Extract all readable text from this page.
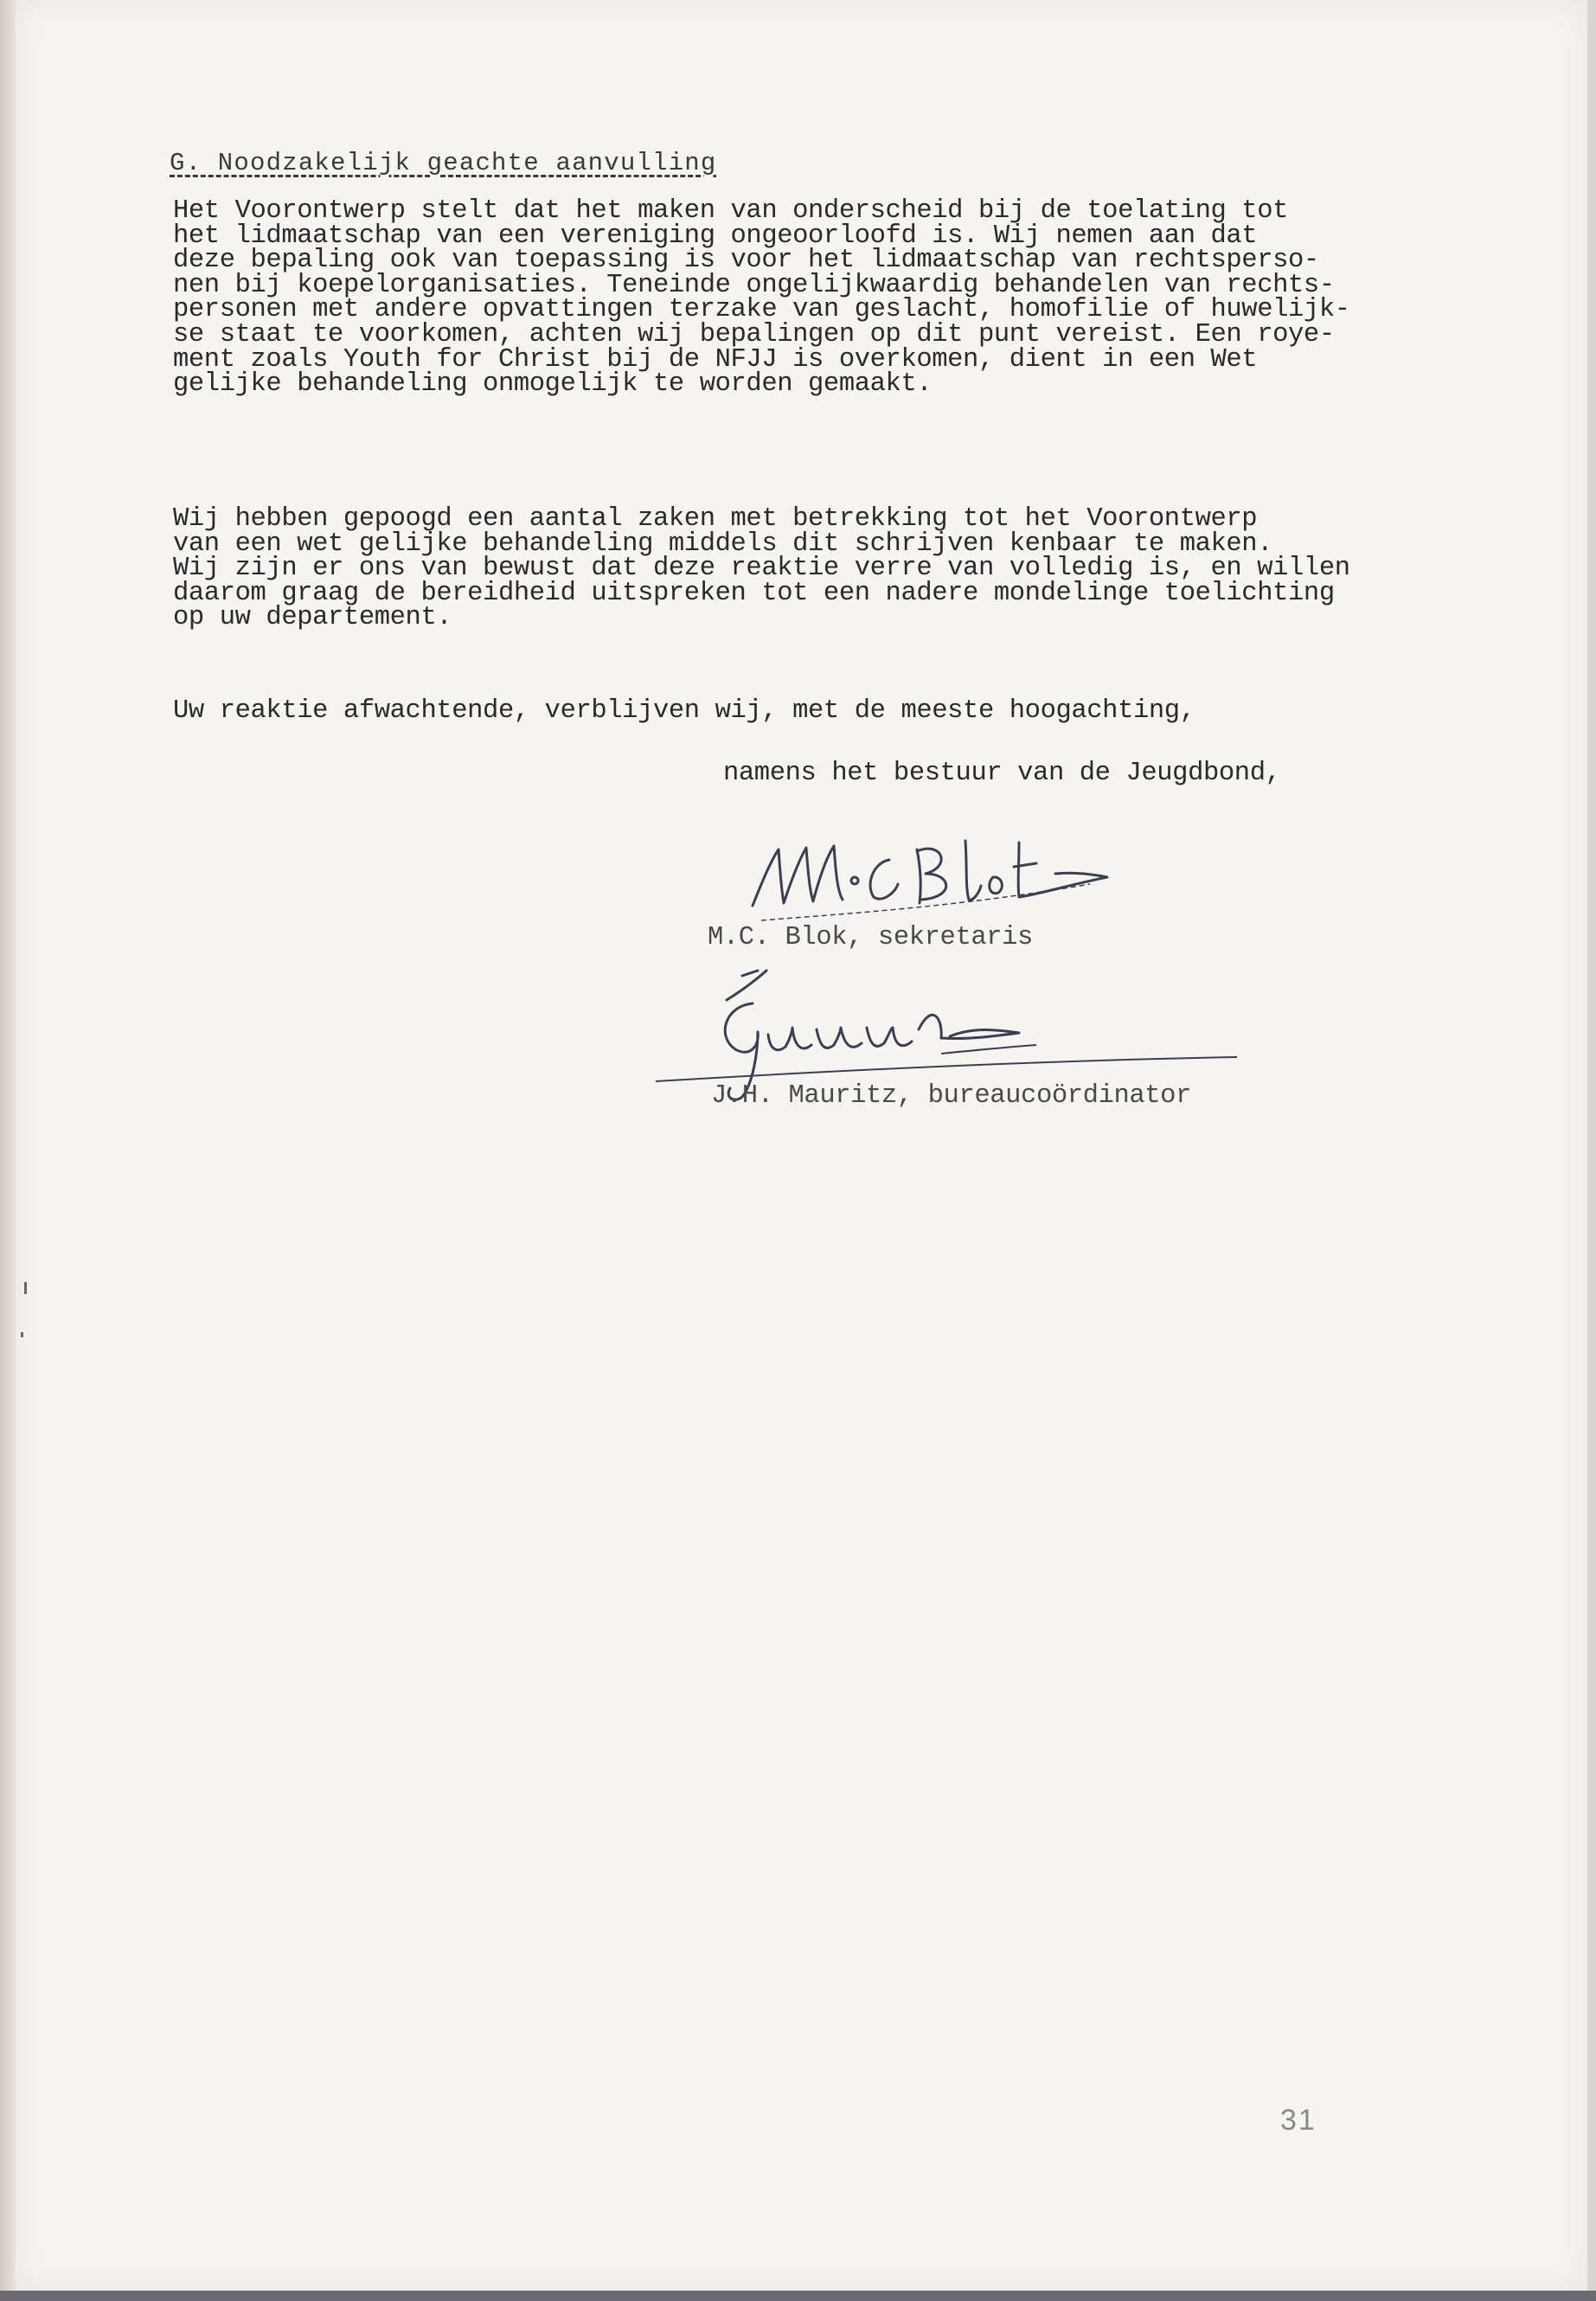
G. Noodzakelijk geachte aanvulling
Het Voorontwerp stelt dat het maken van onderscheid bij de toelating tot
het lidmaatschap van een vereniging ongeoorloofd is. Wij nemen aan dat
deze bepaling ook van toepassing is voor het lidmaatschap van rechtsperso-
nen bij koepelorganisaties. Teneinde ongelijkwaardig behandelen van rechts-
personen met andere opvattingen terzake van geslacht, homofilie of huwelijk-
se staat te voorkomen, achten wij bepalingen op dit punt vereist. Een roye-
ment zoals Youth for Christ bij de NFJJ is overkomen, dient in een Wet
gelijke behandeling onmogelijk te worden gemaakt.
Wij hebben gepoogd een aantal zaken met betrekking tot het Voorontwerp
van een wet gelijke behandeling middels dit schrijven kenbaar te maken.
Wij zijn er ons van bewust dat deze reaktie verre van volledig is, en willen
daarom graag de bereidheid uitspreken tot een nadere mondelinge toelichting
op uw departement.
Uw reaktie afwachtende, verblijven wij, met de meeste hoogachting,
namens het bestuur van de Jeugdbond,
M.C. Blok, sekretaris
J.H. Mauritz, bureaucoördinator
31
